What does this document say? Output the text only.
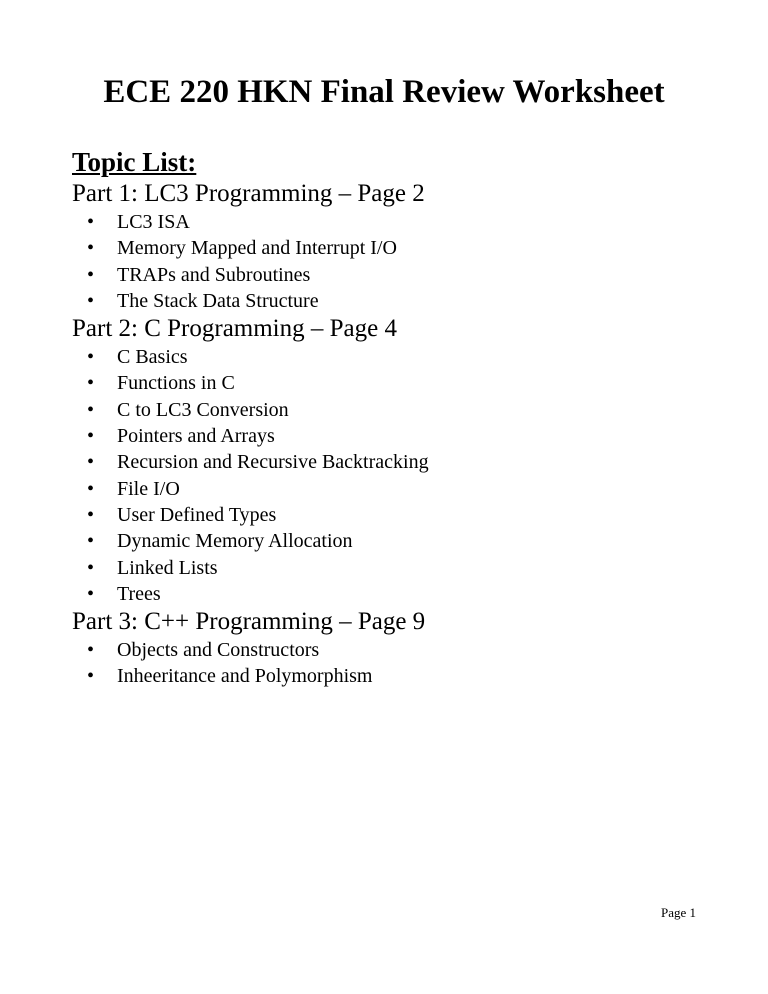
ECE 220 HKN Final Review Worksheet
Topic List:
Part 1: LC3 Programming – Page 2
• LC3 ISA
• Memory Mapped and Interrupt I/O
• TRAPs and Subroutines
• The Stack Data Structure
Part 2: C Programming – Page 4
• C Basics
• Functions in C
• C to LC3 Conversion
• Pointers and Arrays
• Recursion and Recursive Backtracking
• File I/O
• User Defined Types
• Dynamic Memory Allocation
• Linked Lists
• Trees
Part 3: C++ Programming – Page 9
• Objects and Constructors
• Inheeritance and Polymorphism
Page 1
